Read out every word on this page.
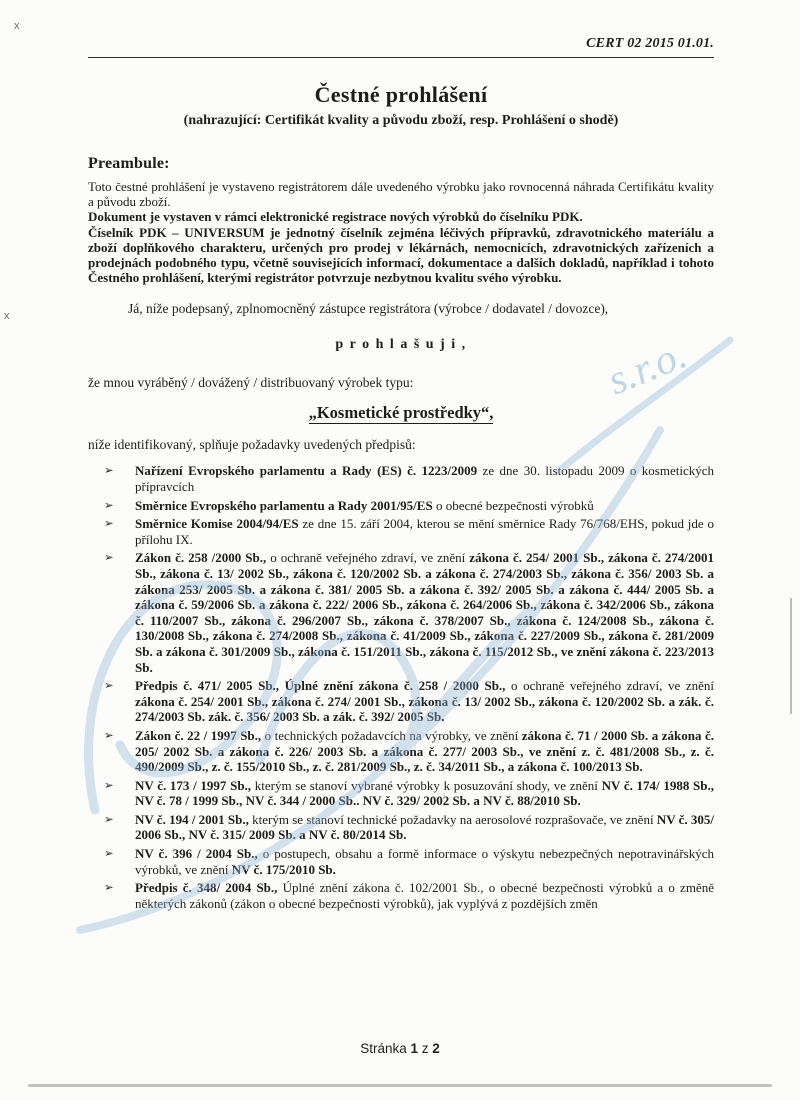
CERT 02 2015 01.01.
Čestné prohlášení
(nahrazující: Certifikát kvality a původu zboží, resp. Prohlášení o shodě)
Preambule:

Toto čestné prohlášení je vystaveno registrátorem dále uvedeného výrobku jako rovnocenná náhrada Certifikátu kvality a původu zboží.

Dokument je vystaven v rámci elektronické registrace nových výrobků do číselníku PDK.

Číselník PDK – UNIVERSUM je jednotný číselník zejména léčivých přípravků, zdravotnického materiálu a zboží doplňkového charakteru, určených pro prodej v lékárnách, nemocnicích, zdravotnických zařízeních a prodejnách podobného typu, včetně souvisejících informací, dokumentace a dalších dokladů, například i tohoto Čestného prohlášení, kterými registrátor potvrzuje nezbytnou kvalitu svého výrobku.

Já, níže podepsaný, zplnomocněný zástupce registrátora (výrobce / dodavatel / dovozce),

p r o h l a š u j i ,

že mnou vyráběný / dovážený / distribuovaný výrobek typu:

„Kosmetické prostředky“,

níže identifikovaný, splňuje požadavky uvedených předpisů:

➢ Nařízení Evropského parlamentu a Rady (ES) č. 1223/2009 ze dne 30. listopadu 2009 o kosmetických přípravcích
➢ Směrnice Evropského parlamentu a Rady 2001/95/ES o obecné bezpečnosti výrobků
➢ Směrnice Komise 2004/94/ES ze dne 15. září 2004, kterou se mění směrnice Rady 76/768/EHS, pokud jde o přílohu IX.
➢ Zákon č. 258 /2000 Sb., o ochraně veřejného zdraví, ve znění zákona č. 254/ 2001 Sb., zákona č. 274/2001 Sb., zákona č. 13/ 2002 Sb., zákona č. 120/2002 Sb. a zákona č. 274/2003 Sb., zákona č. 356/ 2003 Sb. a zákona 253/ 2005 Sb. a zákona č. 381/ 2005 Sb. a zákona č. 392/ 2005 Sb. a zákona č. 444/ 2005 Sb. a zákona č. 59/2006 Sb. a zákona č. 222/ 2006 Sb., zákona č. 264/2006 Sb., zákona č. 342/2006 Sb., zákona č. 110/2007 Sb., zákona č. 296/2007 Sb., zákona č. 378/2007 Sb., zákona č. 124/2008 Sb., zákona č. 130/2008 Sb., zákona č. 274/2008 Sb., zákona č. 41/2009 Sb., zákona č. 227/2009 Sb., zákona č. 281/2009 Sb. a zákona č. 301/2009 Sb., zákona č. 151/2011 Sb., zákona č. 115/2012 Sb., ve znění zákona č. 223/2013 Sb.
➢ Předpis č. 471/ 2005 Sb., Úplné znění zákona č. 258 / 2000 Sb., o ochraně veřejného zdraví, ve znění zákona č. 254/ 2001 Sb., zákona č. 274/ 2001 Sb., zákona č. 13/ 2002 Sb., zákona č. 120/2002 Sb. a zák. č. 274/2003 Sb. zák. č. 356/ 2003 Sb. a zák. č. 392/ 2005 Sb.
➢ Zákon č. 22 / 1997 Sb., o technických požadavcích na výrobky, ve znění zákona č. 71 / 2000 Sb. a zákona č. 205/ 2002 Sb. a zákona č. 226/ 2003 Sb. a zákona č. 277/ 2003 Sb., ve znění z. č. 481/2008 Sb., z. č. 490/2009 Sb., z. č. 155/2010 Sb., z. č. 281/2009 Sb., z. č. 34/2011 Sb., a zákona č. 100/2013 Sb.
➢ NV č. 173 / 1997 Sb., kterým se stanoví vybrané výrobky k posuzování shody, ve znění NV č. 174/ 1988 Sb., NV č. 78 / 1999 Sb., NV č. 344 / 2000 Sb.. NV č. 329/ 2002 Sb. a NV č. 88/2010 Sb.
➢ NV č. 194 / 2001 Sb., kterým se stanoví technické požadavky na aerosolové rozprašovače, ve znění NV č. 305/ 2006 Sb., NV č. 315/ 2009 Sb. a NV č. 80/2014 Sb.
➢ NV č. 396 / 2004 Sb., o postupech, obsahu a formě informace o výskytu nebezpečných nepotravinářských výrobků, ve znění NV č. 175/2010 Sb.
➢ Předpis č. 348/ 2004 Sb., Úplné znění zákona č. 102/2001 Sb., o obecné bezpečnosti výrobků a o změně některých zákonů (zákon o obecné bezpečnosti výrobků), jak vyplývá z pozdějších změn
Stránka 1 z 2
s.r.o.
x
x
